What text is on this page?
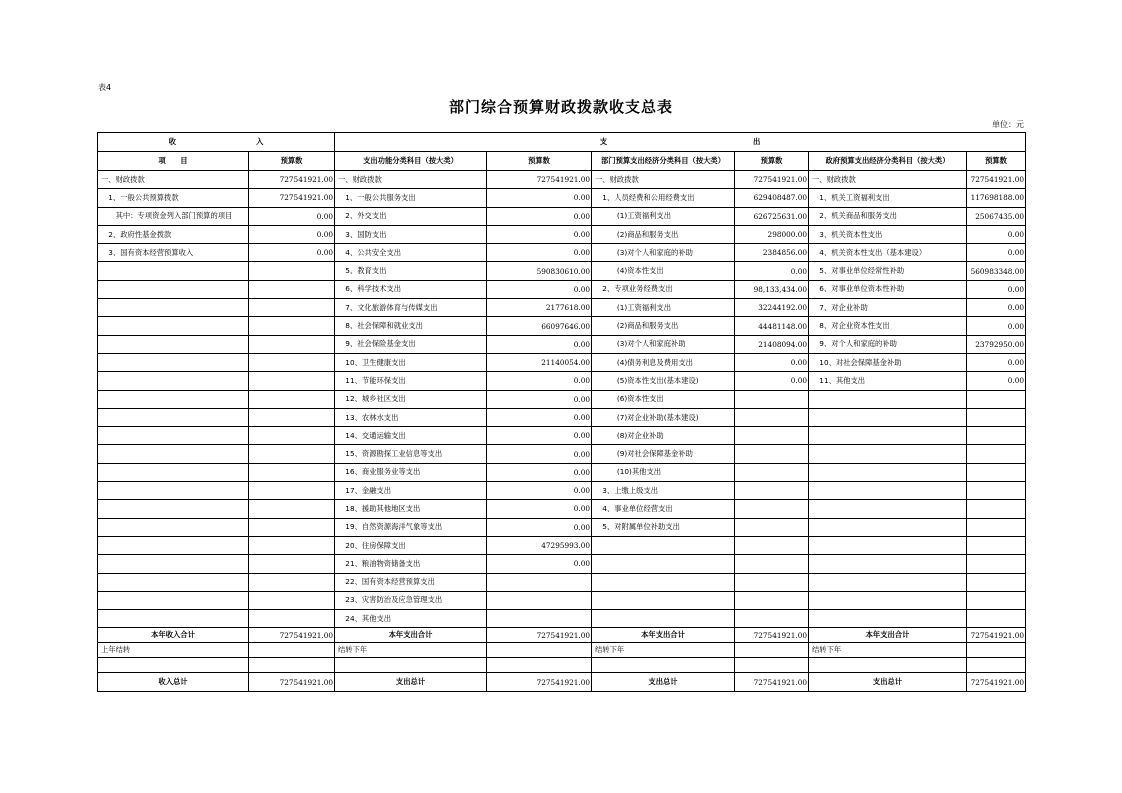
表4
部门综合预算财政拨款收支总表
单位：元
收　　　　　　　　　　　入		支　　　　　　　　　　　　　　　　　　　　出					
项　　目	预算数	支出功能分类科目（按大类）	预算数	部门预算支出经济分类科目（按大类）	预算数	政府预算支出经济分类科目（按大类）	预算数
一、财政拨款	727541921.00	一、财政拨款	727541921.00	一、财政拨款	727541921.00	一、财政拨款	727541921.00
　1、一般公共预算拨款	727541921.00	　1、一般公共服务支出	0.00	　1、人员经费和公用经费支出	629408487.00	　1、机关工资福利支出	117698188.00
　　其中：专项资金列入部门预算的项目	0.00	　2、外交支出	0.00	　　　(1)工资福利支出	626725631.00	　2、机关商品和服务支出	25067435.00
　2、政府性基金拨款	0.00	　3、国防支出	0.00	　　　(2)商品和服务支出	298000.00	　3、机关资本性支出	0.00
　3、国有资本经营预算收入	0.00	　4、公共安全支出	0.00	　　　(3)对个人和家庭的补助	2384856.00	　4、机关资本性支出（基本建设）	0.00
		　5、教育支出	590830610.00	　　　(4)资本性支出	0.00	　5、对事业单位经常性补助	560983348.00
		　6、科学技术支出	0.00	　2、专项业务经费支出	98,133,434.00	　6、对事业单位资本性补助	0.00
		　7、文化旅游体育与传媒支出	2177618.00	　　　(1)工资福利支出	32244192.00	　7、对企业补助	0.00
		　8、社会保障和就业支出	66097646.00	　　　(2)商品和服务支出	44481148.00	　8、对企业资本性支出	0.00
		　9、社会保险基金支出	0.00	　　　(3)对个人和家庭补助	21408094.00	　9、对个人和家庭的补助	23792950.00
		　10、卫生健康支出	21140054.00	　　　(4)债务利息及费用支出	0.00	　10、对社会保障基金补助	0.00
		　11、节能环保支出	0.00	　　　(5)资本性支出(基本建设)	0.00	　11、其他支出	0.00
		　12、城乡社区支出	0.00	　　　(6)资本性支出			
		　13、农林水支出	0.00	　　　(7)对企业补助(基本建设)			
		　14、交通运输支出	0.00	　　　(8)对企业补助			
		　15、资源勘探工业信息等支出	0.00	　　　(9)对社会保障基金补助			
		　16、商业服务业等支出	0.00	　　　(10)其他支出			
		　17、金融支出	0.00	　3、上缴上级支出			
		　18、援助其他地区支出	0.00	　4、事业单位经营支出			
		　19、自然资源海洋气象等支出	0.00	　5、对附属单位补助支出			
		　20、住房保障支出	47295993.00				
		　21、粮油物资储备支出	0.00				
		　22、国有资本经营预算支出					
		　23、灾害防治及应急管理支出					
		　24、其他支出					
本年收入合计	727541921.00	本年支出合计	727541921.00	本年支出合计	727541921.00	本年支出合计	727541921.00
上年结转		结转下年		结转下年		结转下年	

收入总计	727541921.00	支出总计	727541921.00	支出总计	727541921.00	支出总计	727541921.00
